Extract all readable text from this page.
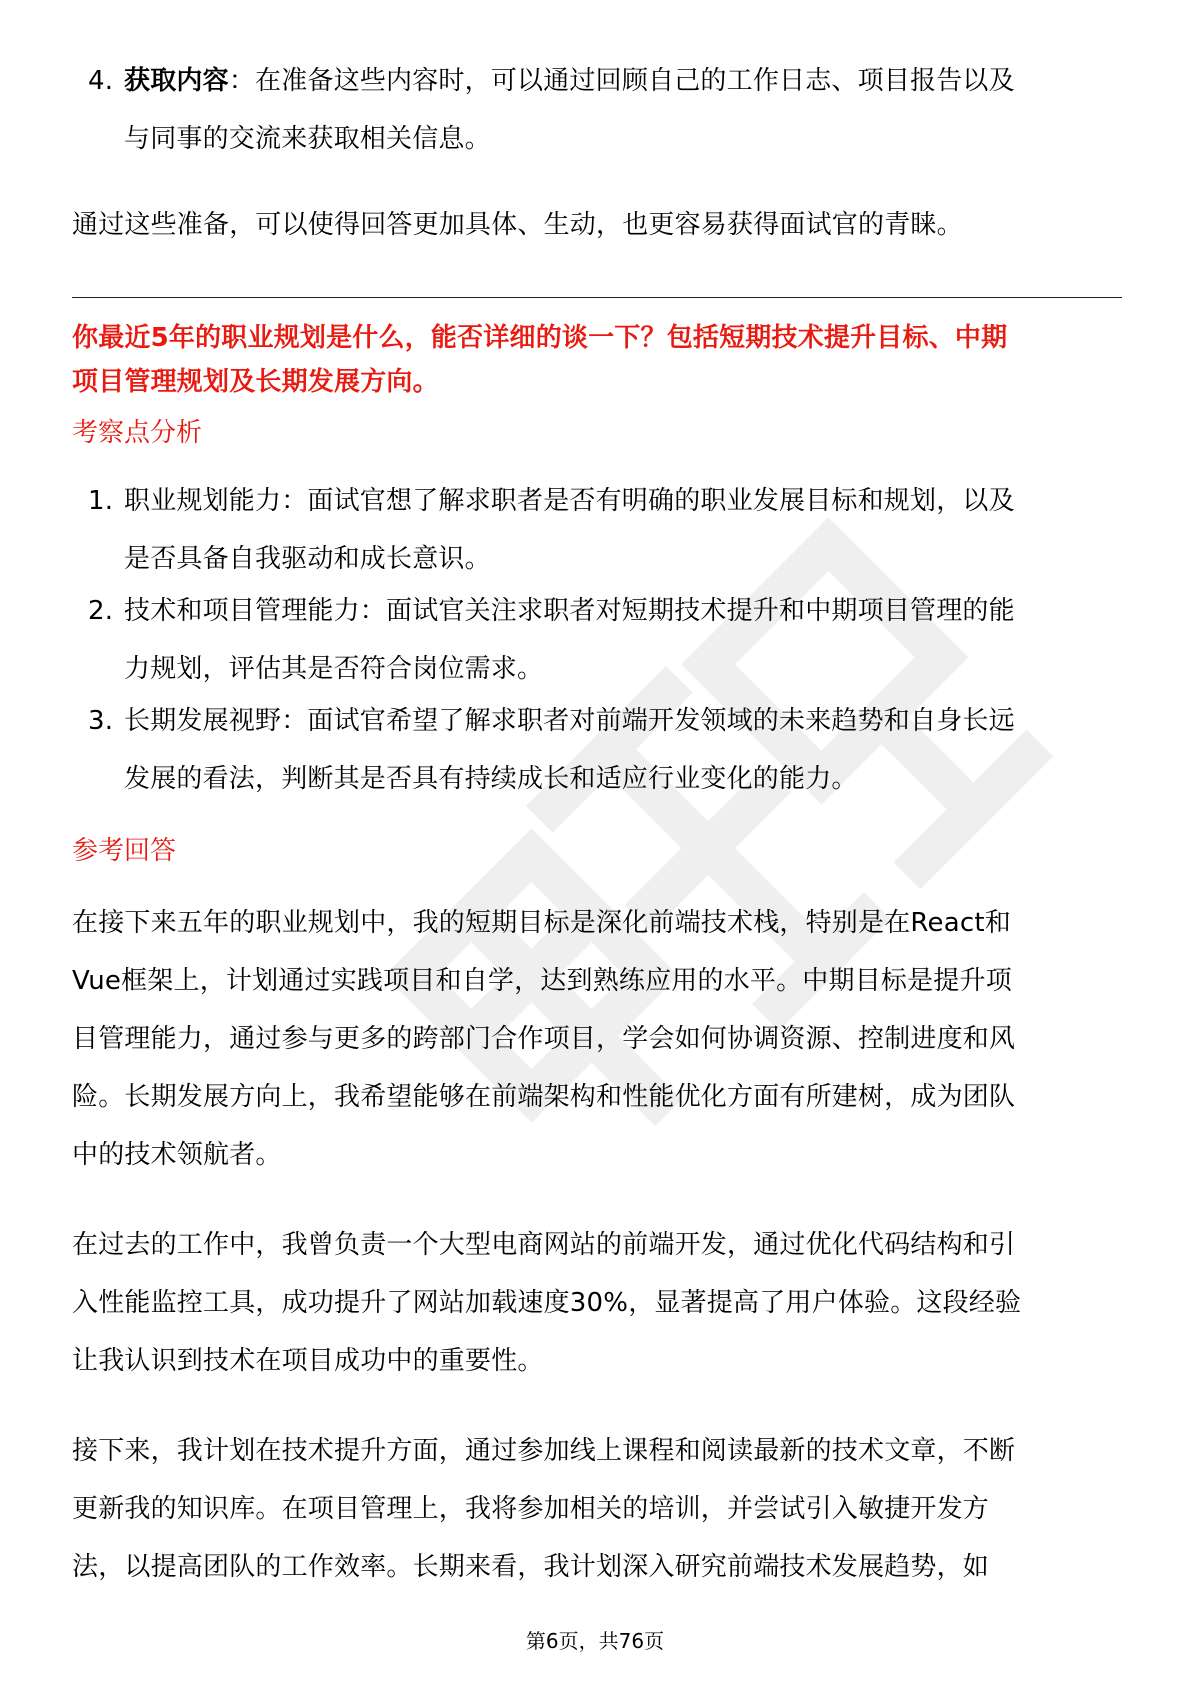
4. 获取内容：在准备这些内容时，可以通过回顾自己的工作日志、项目报告以及
与同事的交流来获取相关信息。

通过这些准备，可以使得回答更加具体、生动，也更容易获得面试官的青睐。

你最近5年的职业规划是什么，能否详细的谈一下？包括短期技术提升目标、中期
项目管理规划及长期发展方向。

考察点分析

1. 职业规划能力：面试官想了解求职者是否有明确的职业发展目标和规划，以及
是否具备自我驱动和成长意识。
2. 技术和项目管理能力：面试官关注求职者对短期技术提升和中期项目管理的能
力规划，评估其是否符合岗位需求。
3. 长期发展视野：面试官希望了解求职者对前端开发领域的未来趋势和自身长远
发展的看法，判断其是否具有持续成长和适应行业变化的能力。

参考回答

在接下来五年的职业规划中，我的短期目标是深化前端技术栈，特别是在React和
Vue框架上，计划通过实践项目和自学，达到熟练应用的水平。中期目标是提升项
目管理能力，通过参与更多的跨部门合作项目，学会如何协调资源、控制进度和风
险。长期发展方向上，我希望能够在前端架构和性能优化方面有所建树，成为团队
中的技术领航者。

在过去的工作中，我曾负责一个大型电商网站的前端开发，通过优化代码结构和引
入性能监控工具，成功提升了网站加载速度30%，显著提高了用户体验。这段经验
让我认识到技术在项目成功中的重要性。

接下来，我计划在技术提升方面，通过参加线上课程和阅读最新的技术文章，不断
更新我的知识库。在项目管理上，我将参加相关的培训，并尝试引入敏捷开发方
法，以提高团队的工作效率。长期来看，我计划深入研究前端技术发展趋势，如

第6页，共76页
